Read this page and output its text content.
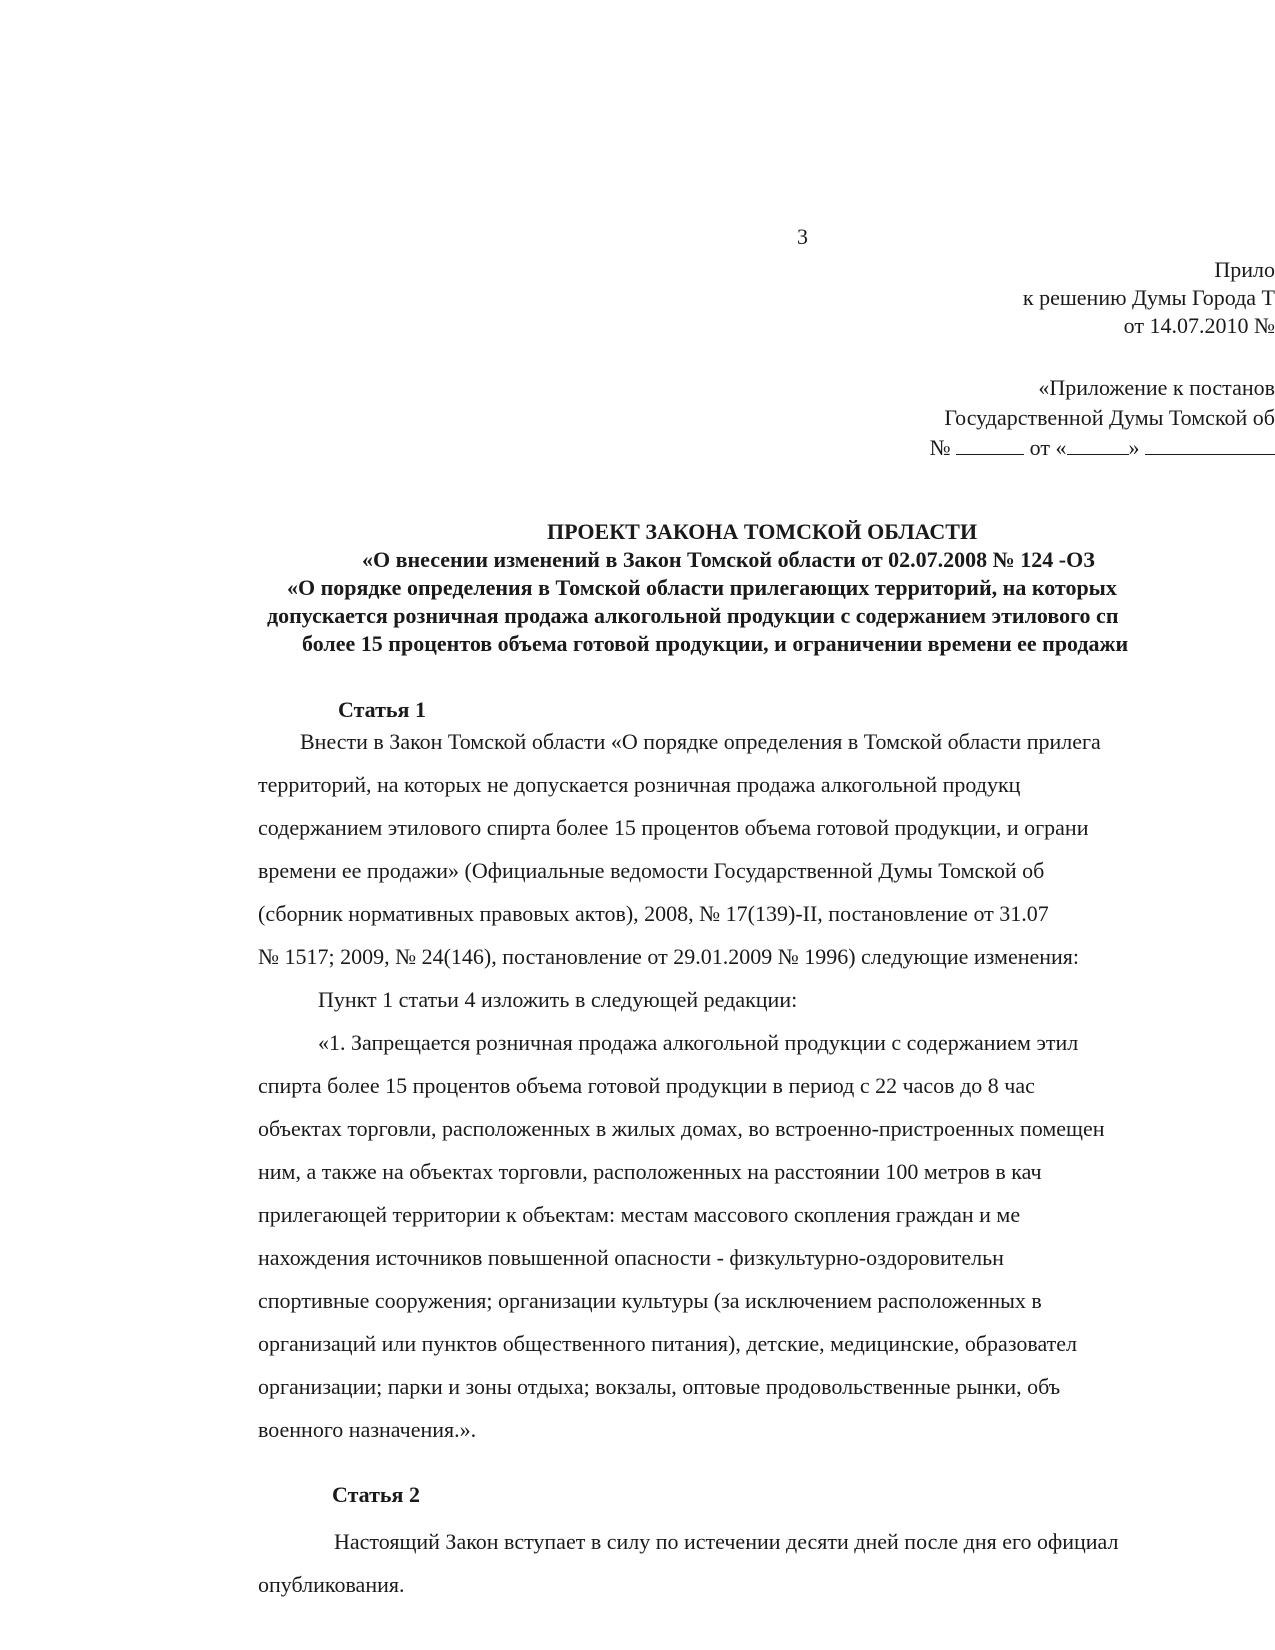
3
Прило
к решению Думы Города Т
от 14.07.2010 №
«Приложение к постанов
Государственной Думы Томской об
№	от «	»
ПРОЕКТ ЗАКОНА ТОМСКОЙ ОБЛАСТИ
«О внесении изменений в Закон Томской области от 02.07.2008 № 124 -ОЗ
«О порядке определения в Томской области прилегающих территорий, на которых
допускается розничная продажа алкогольной продукции с содержанием этилового сп
более 15 процентов объема готовой продукции, и ограничении времени ее продажи
Статья 1
Внести в Закон Томской области «О порядке определения в Томской области прилега
территорий, на которых не допускается розничная продажа алкогольной продукц
содержанием этилового спирта более 15 процентов объема готовой продукции, и ограни
времени ее продажи» (Официальные ведомости Государственной Думы Томской об
(сборник нормативных правовых актов), 2008, № 17(139)-II, постановление от 31.07
№ 1517; 2009, № 24(146), постановление от 29.01.2009 № 1996) следующие изменения:
Пункт 1 статьи 4 изложить в следующей редакции:
«1. Запрещается розничная продажа алкогольной продукции с содержанием этил
спирта более 15 процентов объема готовой продукции в период с 22 часов до 8 час
объектах торговли, расположенных в жилых домах, во встроенно-пристроенных помещен
ним, а также на объектах торговли, расположенных на расстоянии 100 метров в кач
прилегающей территории к объектам: местам массового скопления граждан и ме
нахождения источников повышенной опасности - физкультурно-оздоровительн
спортивные сооружения; организации культуры (за исключением расположенных в
организаций или пунктов общественного питания), детские, медицинские, образовател
организации; парки и зоны отдыха; вокзалы, оптовые продовольственные рынки, объ
военного назначения.».
Статья 2
Настоящий Закон вступает в силу по истечении десяти дней после дня его официал
опубликования.
